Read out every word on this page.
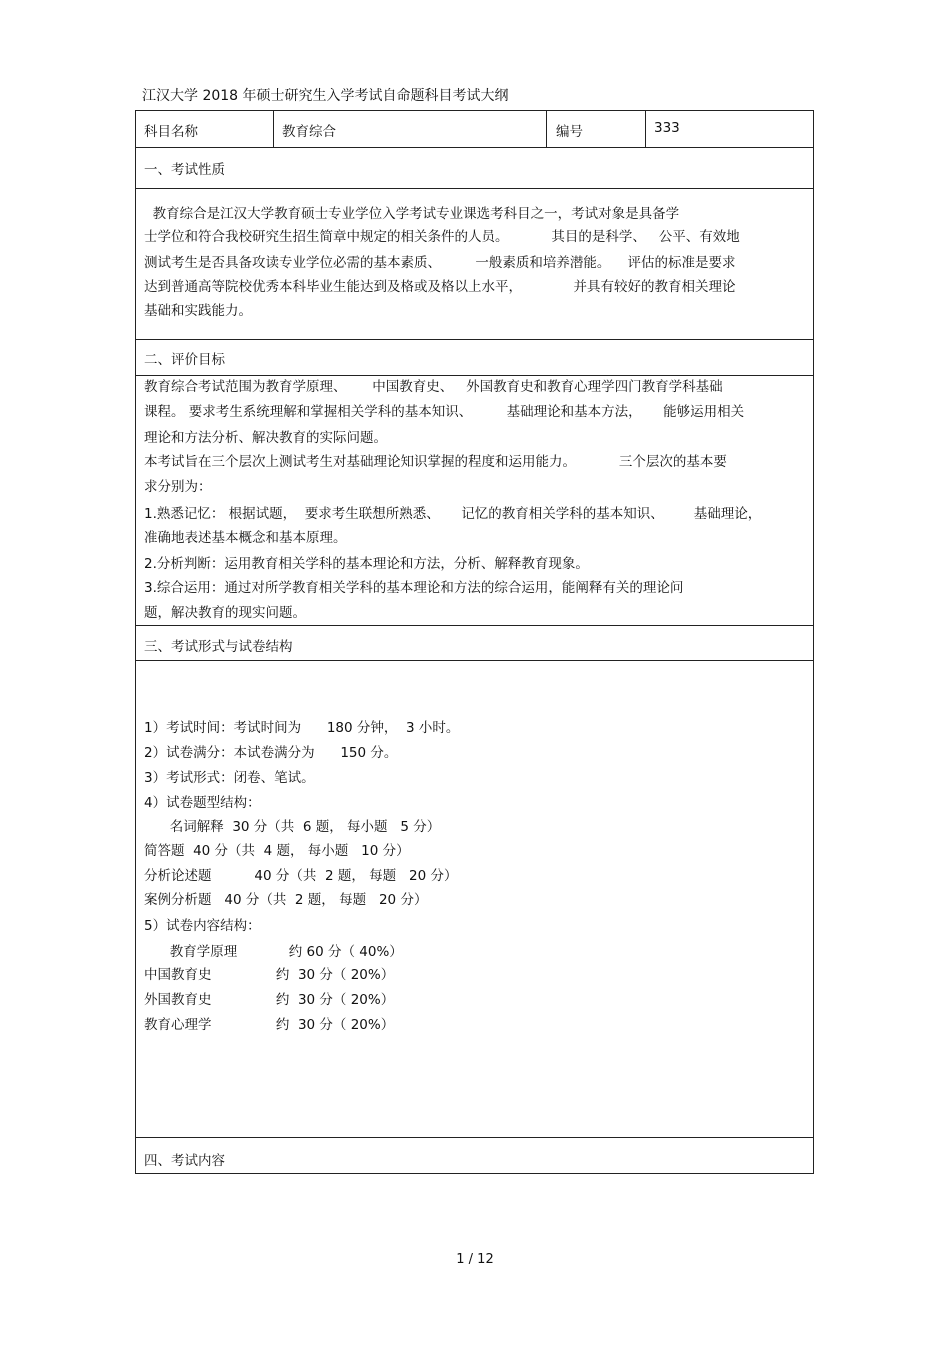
江汉大学 2018 年硕士研究生入学考试自命题科目考试大纲
科目名称	教育综合	编号	333
一、考试性质
教育综合是江汉大学教育硕士专业学位入学考试专业课选考科目之一，考试对象是具备学
士学位和符合我校研究生招生简章中规定的相关条件的人员。          其目的是科学、   公平、有效地
测试考生是否具备攻读专业学位必需的基本素质、        一般素质和培养潜能。    评估的标准是要求
达到普通高等院校优秀本科毕业生能达到及格或及格以上水平，            并具有较好的教育相关理论
基础和实践能力。
二、评价目标
教育综合考试范围为教育学原理、      中国教育史、   外国教育史和教育心理学四门教育学科基础
课程。 要求考生系统理解和掌握相关学科的基本知识、        基础理论和基本方法，     能够运用相关
理论和方法分析、解决教育的实际问题。
本考试旨在三个层次上测试考生对基础理论知识掌握的程度和运用能力。          三个层次的基本要
求分别为：
1.熟悉记忆： 根据试题，  要求考生联想所熟悉、     记忆的教育相关学科的基本知识、       基础理论，
准确地表述基本概念和基本原理。
2.分析判断：运用教育相关学科的基本理论和方法，分析、解释教育现象。
3.综合运用：通过对所学教育相关学科的基本理论和方法的综合运用，能阐释有关的理论问
题，解决教育的现实问题。
三、考试形式与试卷结构
1）考试时间：考试时间为      180 分钟，  3 小时。
2）试卷满分：本试卷满分为      150 分。
3）考试形式：闭卷、笔试。
4）试卷题型结构：
名词解释  30 分（共  6 题， 每小题   5 分）
简答题  40 分（共  4 题， 每小题   10 分）
分析论述题          40 分（共  2 题， 每题   20 分）
案例分析题   40 分（共  2 题， 每题   20 分）
5）试卷内容结构：
教育学原理            约 60 分（ 40%）
中国教育史               约  30 分（ 20%）
外国教育史               约  30 分（ 20%）
教育心理学               约  30 分（ 20%）
四、考试内容
1 / 12
